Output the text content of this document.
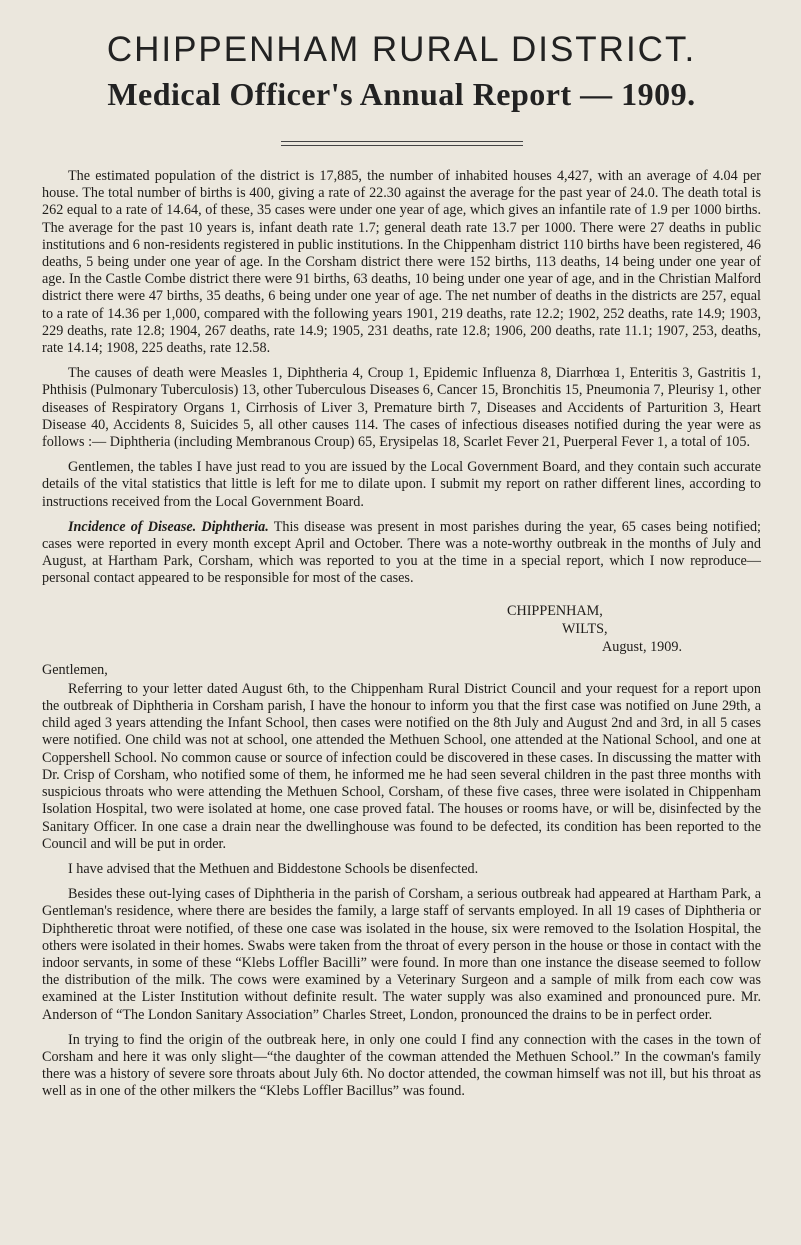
CHIPPENHAM RURAL DISTRICT.
Medical Officer's Annual Report — 1909.

The estimated population of the district is 17,885, the number of inhabited houses 4,427, with an average of 4.04 per house. The total number of births is 400, giving a rate of 22.30 against the average for the past year of 24.0. The death total is 262 equal to a rate of 14.64, of these, 35 cases were under one year of age, which gives an infantile rate of 1.9 per 1000 births. The average for the past 10 years is, infant death rate 1.7; general death rate 13.7 per 1000. There were 27 deaths in public institutions and 6 non-residents registered in public institutions. In the Chippenham district 110 births have been registered, 46 deaths, 5 being under one year of age. In the Corsham district there were 152 births, 113 deaths, 14 being under one year of age. In the Castle Combe district there were 91 births, 63 deaths, 10 being under one year of age, and in the Christian Malford district there were 47 births, 35 deaths, 6 being under one year of age. The net number of deaths in the districts are 257, equal to a rate of 14.36 per 1,000, compared with the following years 1901, 219 deaths, rate 12.2; 1902, 252 deaths, rate 14.9; 1903, 229 deaths, rate 12.8; 1904, 267 deaths, rate 14.9; 1905, 231 deaths, rate 12.8; 1906, 200 deaths, rate 11.1; 1907, 253, deaths, rate 14.14; 1908, 225 deaths, rate 12.58.

The causes of death were Measles 1, Diphtheria 4, Croup 1, Epidemic Influenza 8, Diarrhœa 1, Enteritis 3, Gastritis 1, Phthisis (Pulmonary Tuberculosis) 13, other Tuberculous Diseases 6, Cancer 15, Bronchitis 15, Pneumonia 7, Pleurisy 1, other diseases of Respiratory Organs 1, Cirrhosis of Liver 3, Premature birth 7, Diseases and Accidents of Parturition 3, Heart Disease 40, Accidents 8, Suicides 5, all other causes 114. The cases of infectious diseases notified during the year were as follows :— Diphtheria (including Membranous Croup) 65, Erysipelas 18, Scarlet Fever 21, Puerperal Fever 1, a total of 105.

Gentlemen, the tables I have just read to you are issued by the Local Government Board, and they contain such accurate details of the vital statistics that little is left for me to dilate upon. I submit my report on rather different lines, according to instructions received from the Local Government Board.

Incidence of Disease. Diphtheria. This disease was present in most parishes during the year, 65 cases being notified; cases were reported in every month except April and October. There was a note-worthy outbreak in the months of July and August, at Hartham Park, Corsham, which was reported to you at the time in a special report, which I now reproduce—personal contact appeared to be responsible for most of the cases.

CHIPPENHAM,
WILTS,
August, 1909.

Gentlemen,

Referring to your letter dated August 6th, to the Chippenham Rural District Council and your request for a report upon the outbreak of Diphtheria in Corsham parish, I have the honour to inform you that the first case was notified on June 29th, a child aged 3 years attending the Infant School, then cases were notified on the 8th July and August 2nd and 3rd, in all 5 cases were notified. One child was not at school, one attended the Methuen School, one attended at the National School, and one at Coppershell School. No common cause or source of infection could be discovered in these cases. In discussing the matter with Dr. Crisp of Corsham, who notified some of them, he informed me he had seen several children in the past three months with suspicious throats who were attending the Methuen School, Corsham, of these five cases, three were isolated in Chippenham Isolation Hospital, two were isolated at home, one case proved fatal. The houses or rooms have, or will be, disinfected by the Sanitary Officer. In one case a drain near the dwellinghouse was found to be defected, its condition has been reported to the Council and will be put in order.

I have advised that the Methuen and Biddestone Schools be disenfected.

Besides these out-lying cases of Diphtheria in the parish of Corsham, a serious outbreak had appeared at Hartham Park, a Gentleman's residence, where there are besides the family, a large staff of servants employed. In all 19 cases of Diphtheria or Diphtheretic throat were notified, of these one case was isolated in the house, six were removed to the Isolation Hospital, the others were isolated in their homes. Swabs were taken from the throat of every person in the house or those in contact with the indoor servants, in some of these “Klebs Loffler Bacilli” were found. In more than one instance the disease seemed to follow the distribution of the milk. The cows were examined by a Veterinary Surgeon and a sample of milk from each cow was examined at the Lister Institution without definite result. The water supply was also examined and pronounced pure. Mr. Anderson of “The London Sanitary Association” Charles Street, London, pronounced the drains to be in perfect order.

In trying to find the origin of the outbreak here, in only one could I find any connection with the cases in the town of Corsham and here it was only slight—“the daughter of the cowman attended the Methuen School.” In the cowman's family there was a history of severe sore throats about July 6th. No doctor attended, the cowman himself was not ill, but his throat as well as in one of the other milkers the “Klebs Loffler Bacillus” was found.
